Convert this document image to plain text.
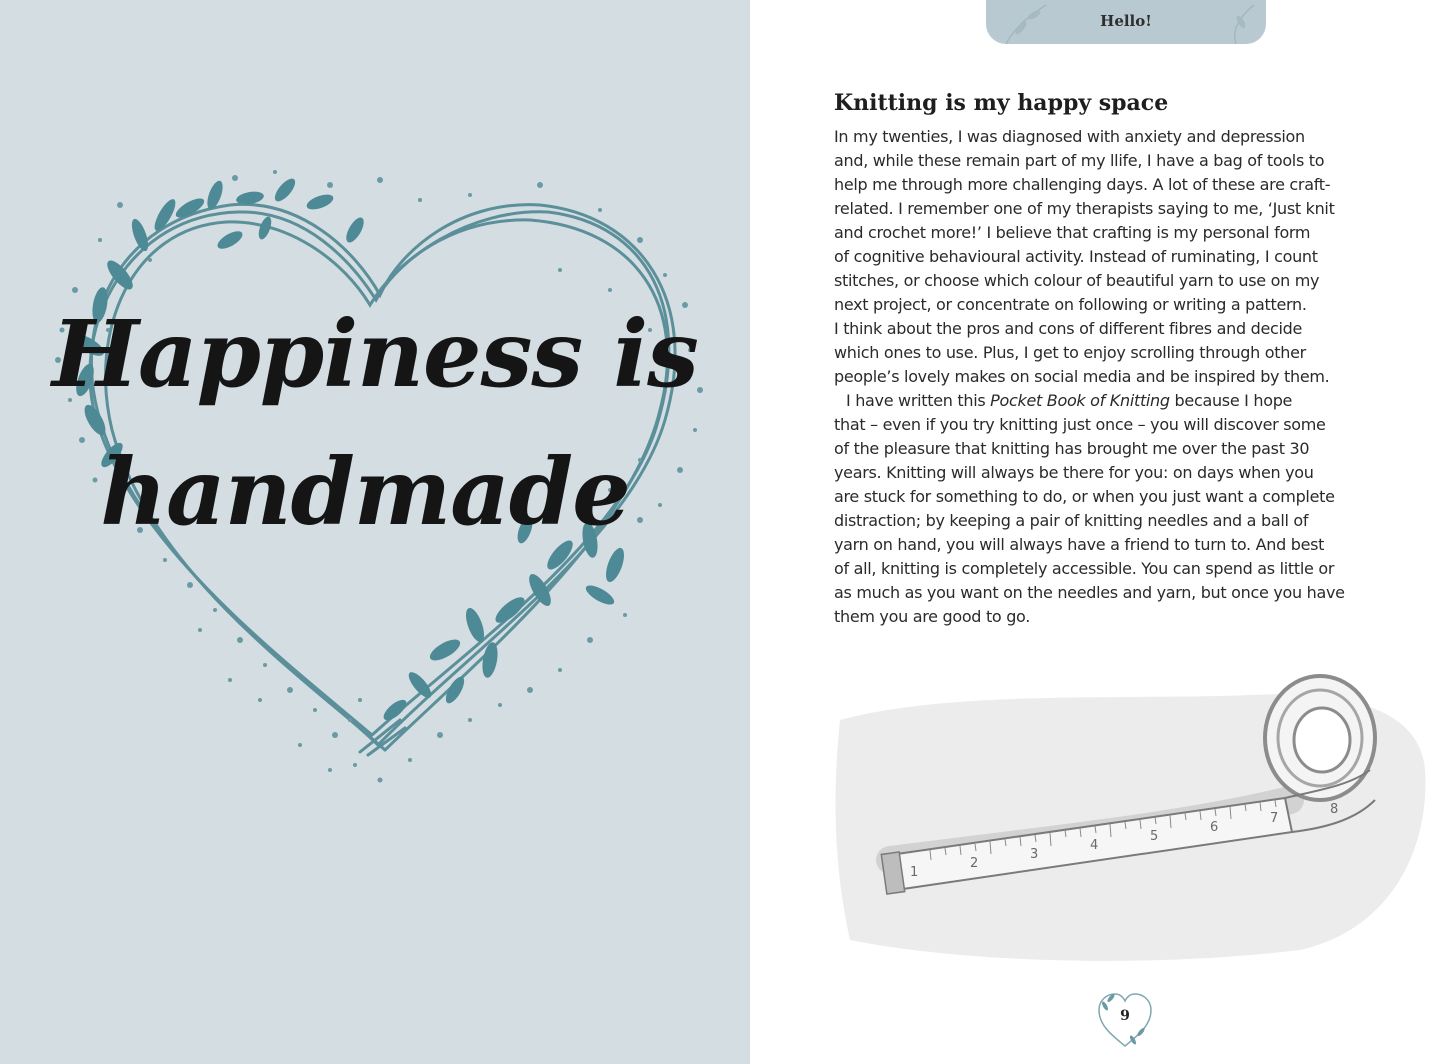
Happiness is
handmade
Hello!
Knitting is my happy space
In my twenties, I was diagnosed with anxiety and depression
and, while these remain part of my llife, I have a bag of tools to
help me through more challenging days. A lot of these are craft-
related. I remember one of my therapists saying to me, ‘Just knit
and crochet more!’ I believe that crafting is my personal form
of cognitive behavioural activity. Instead of ruminating, I count
stitches, or choose which colour of beautiful yarn to use on my
next project, or concentrate on following or writing a pattern.
I think about the pros and cons of different fibres and decide
which ones to use. Plus, I get to enjoy scrolling through other
people’s lovely makes on social media and be inspired by them.
I have written this Pocket Book of Knitting because I hope
that – even if you try knitting just once – you will discover some
of the pleasure that knitting has brought me over the past 30
years. Knitting will always be there for you: on days when you
are stuck for something to do, or when you just want a complete
distraction; by keeping a pair of knitting needles and a ball of
yarn on hand, you will always have a friend to turn to. And best
of all, knitting is completely accessible. You can spend as little or
as much as you want on the needles and yarn, but once you have
them you are good to go.
1
2
3
4
5
6
7
8
9
